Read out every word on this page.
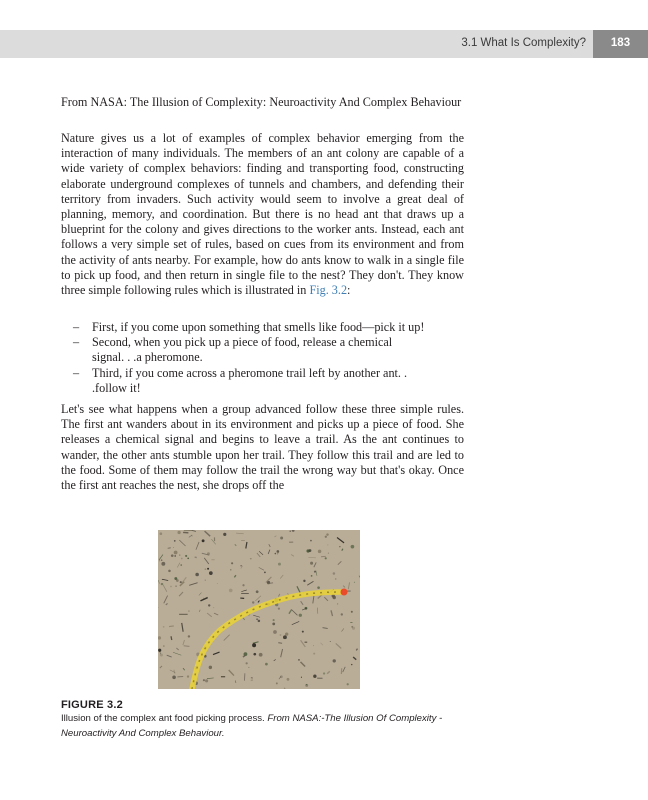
3.1 What Is Complexity?	183

From NASA: The Illusion of Complexity: Neuroactivity And Complex Behaviour

Nature gives us a lot of examples of complex behavior emerging from the interaction of many individuals. The members of an ant colony are capable of a wide variety of complex behaviors: finding and transporting food, constructing elaborate underground complexes of tunnels and chambers, and defending their territory from invaders. Such activity would seem to involve a great deal of planning, memory, and coordination. But there is no head ant that draws up a blueprint for the colony and gives directions to the worker ants. Instead, each ant follows a very simple set of rules, based on cues from its environment and from the activity of ants nearby. For example, how do ants know to walk in a single file to pick up food, and then return in single file to the nest? They don't. They know three simple following rules which is illustrated in Fig. 3.2:

– First, if you come upon something that smells like food—pick it up!
– Second, when you pick up a piece of food, release a chemical signal. . .a pheromone.
– Third, if you come across a pheromone trail left by another ant. . .follow it!

Let's see what happens when a group advanced follow these three simple rules. The first ant wanders about in its environment and picks up a piece of food. She releases a chemical signal and begins to leave a trail. As the ant continues to wander, the other ants stumble upon her trail. They follow this trail and are led to the food. Some of them may follow the trail the wrong way but that's okay. Once the first ant reaches the nest, she drops off the

FIGURE 3.2
Illusion of the complex ant food picking process. From NASA:-The Illusion Of Complexity - Neuroactivity And Complex Behaviour.
